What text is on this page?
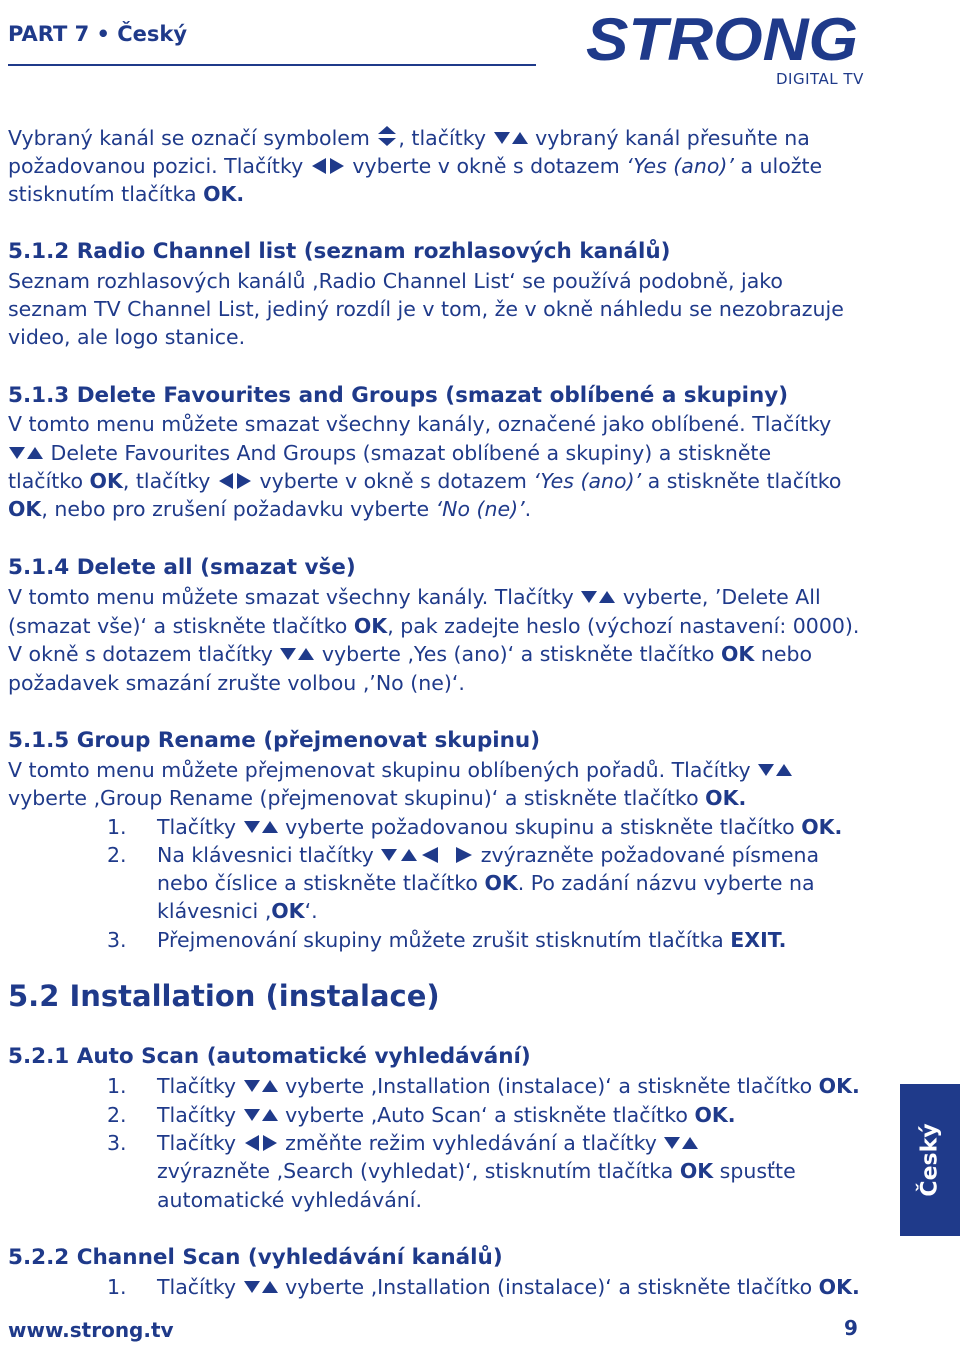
PART 7 • Český	STRONG
DIGITAL TV
Vybraný kanál se označí symbolem , tlačítky vybraný kanál přesuňte na
požadovanou pozici. Tlačítky vyberte v okně s dotazem ‘Yes (ano)’ a uložte
stisknutím tlačítka OK.
5.1.2 Radio Channel list (seznam rozhlasových kanálů)
Seznam rozhlasových kanálů ‚Radio Channel List‘ se používá podobně, jako
seznam TV Channel List, jediný rozdíl je v tom, že v okně náhledu se nezobrazuje
video, ale logo stanice.
5.1.3 Delete Favourites and Groups (smazat oblíbené a skupiny)
V tomto menu můžete smazat všechny kanály, označené jako oblíbené. Tlačítky
Delete Favourites And Groups (smazat oblíbené a skupiny) a stiskněte
tlačítko OK, tlačítky vyberte v okně s dotazem ‘Yes (ano)’ a stiskněte tlačítko
OK, nebo pro zrušení požadavku vyberte ‘No (ne)’.
5.1.4 Delete all (smazat vše)
V tomto menu můžete smazat všechny kanály. Tlačítky vyberte, ’Delete All
(smazat vše)‘ a stiskněte tlačítko OK, pak zadejte heslo (výchozí nastavení: 0000).
V okně s dotazem tlačítky vyberte ‚Yes (ano)‘ a stiskněte tlačítko OK nebo
požadavek smazání zrušte volbou ‚’No (ne)‘.
5.1.5 Group Rename (přejmenovat skupinu)
V tomto menu můžete přejmenovat skupinu oblíbených pořadů. Tlačítky
vyberte ‚Group Rename (přejmenovat skupinu)‘ a stiskněte tlačítko OK.
1.	Tlačítky vyberte požadovanou skupinu a stiskněte tlačítko OK.
2.	Na klávesnici tlačítky	zvýrazněte požadované písmena
nebo číslice a stiskněte tlačítko OK. Po zadání názvu vyberte na
klávesnici ‚OK‘.
3.	Přejmenování skupiny můžete zrušit stisknutím tlačítka EXIT.
5.2 Installation (instalace)
5.2.1 Auto Scan (automatické vyhledávání)
1.	Tlačítky vyberte ‚Installation (instalace)‘ a stiskněte tlačítko OK.
2.	Tlačítky vyberte ‚Auto Scan‘ a stiskněte tlačítko OK.
3.	Tlačítky změňte režim vyhledávání a tlačítky
zvýrazněte ‚Search (vyhledat)‘, stisknutím tlačítka OK spusťte
automatické vyhledávání.
5.2.2 Channel Scan (vyhledávání kanálů)
1.	Tlačítky vyberte ‚Installation (instalace)‘ a stiskněte tlačítko OK.
Český
www.strong.tv	9
